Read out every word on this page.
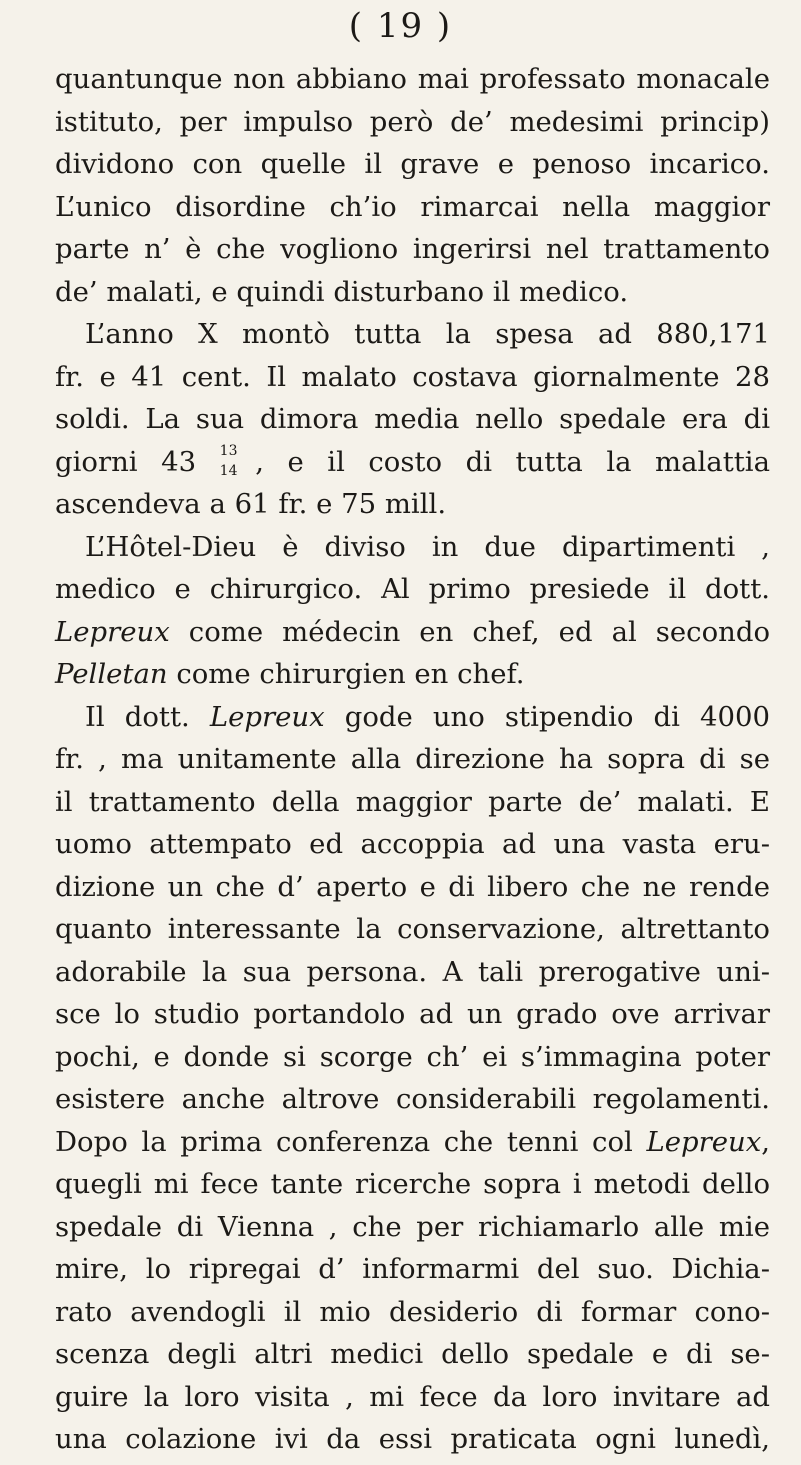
( 19 )
quantunque non abbiano mai professato monacale
istituto, per impulso però de’ medesimi princip)
dividono con quelle il grave e penoso incarico.
L’unico disordine ch’io rimarcai nella maggior
parte n’ è che vogliono ingerirsi nel trattamento
de’ malati, e quindi disturbano il medico.
L’anno X montò tutta la spesa ad 880,171
fr. e 41 cent. Il malato costava giornalmente 28
soldi. La sua dimora media nello spedale era di
giorni 43 13
14 , e il costo di tutta la malattia
ascendeva a 61 fr. e 75 mill.
L’Hôtel-Dieu è diviso in due dipartimenti ,
medico e chirurgico. Al primo presiede il dott.
Lepreux come médecin en chef, ed al secondo
Pelletan come chirurgien en chef.
Il dott. Lepreux gode uno stipendio di 4000
fr. , ma unitamente alla direzione ha sopra di se
il trattamento della maggior parte de’ malati. E
uomo attempato ed accoppia ad una vasta eru-
dizione un che d’ aperto e di libero che ne rende
quanto interessante la conservazione, altrettanto
adorabile la sua persona. A tali prerogative uni-
sce lo studio portandolo ad un grado ove arrivar
pochi, e donde si scorge ch’ ei s’immagina poter
esistere anche altrove considerabili regolamenti.
Dopo la prima conferenza che tenni col Lepreux,
quegli mi fece tante ricerche sopra i metodi dello
spedale di Vienna , che per richiamarlo alle mie
mire, lo ripregai d’ informarmi del suo. Dichia-
rato avendogli il mio desiderio di formar cono-
scenza degli altri medici dello spedale e di se-
guire la loro visita , mi fece da loro invitare ad
una colazione ivi da essi praticata ogni lunedì,
